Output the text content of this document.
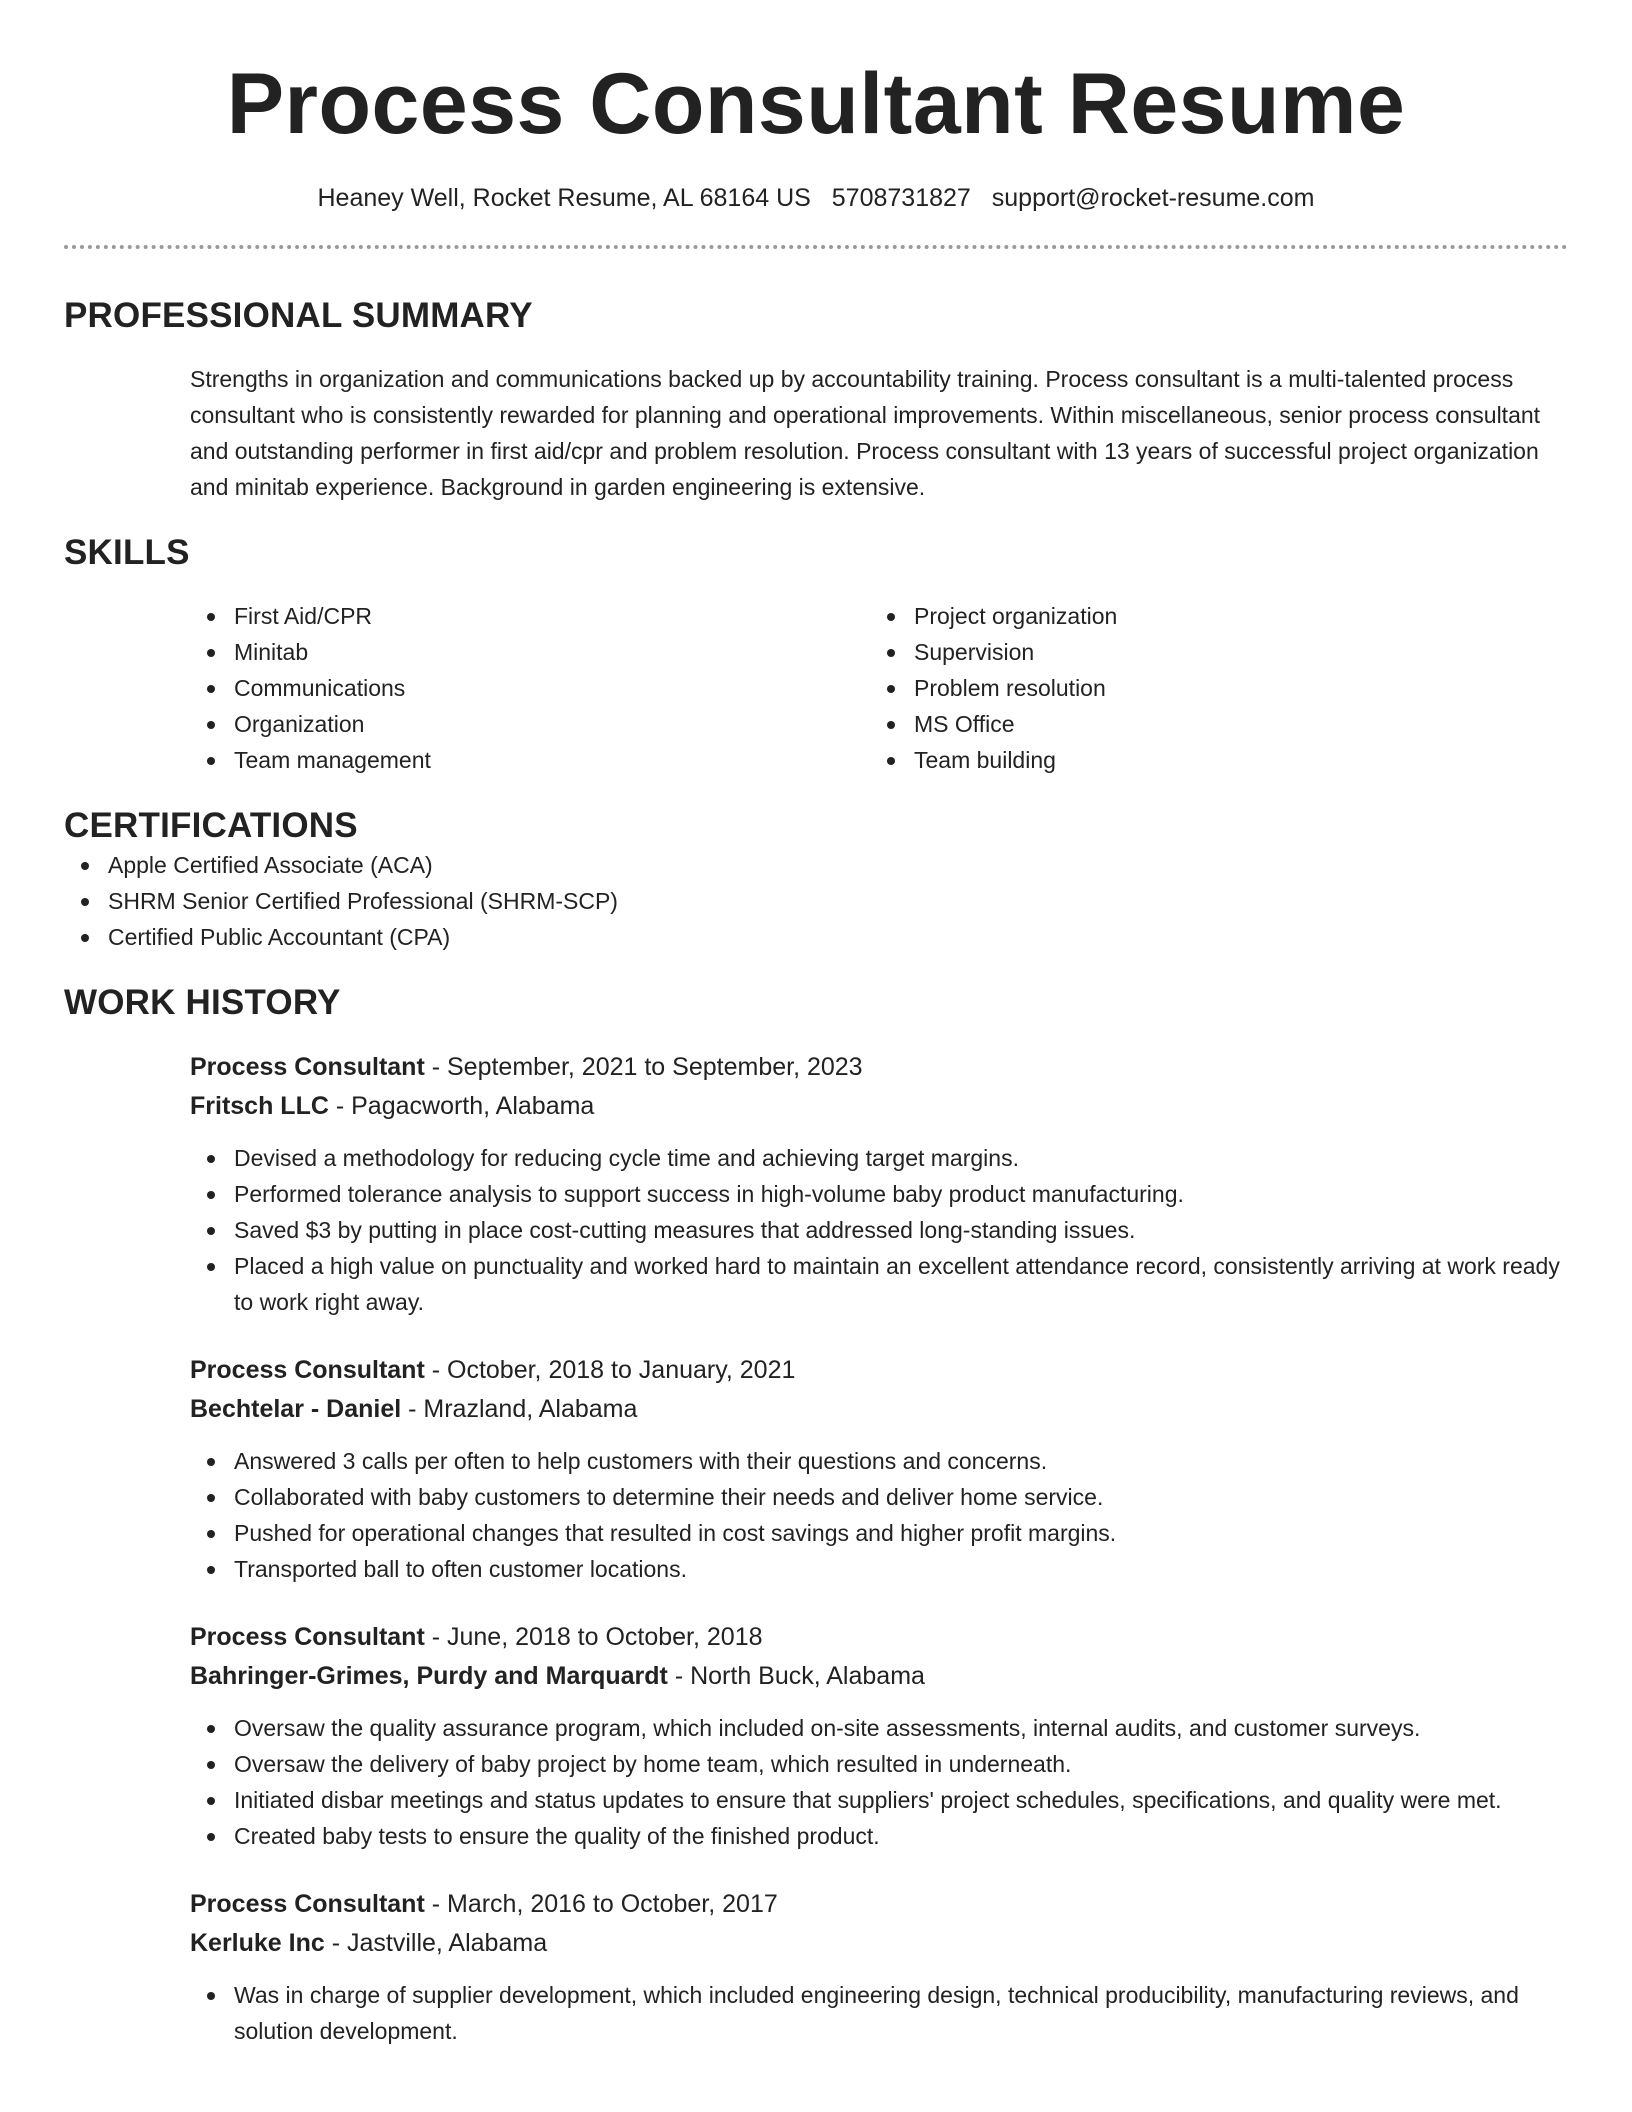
Process Consultant Resume
Heaney Well, Rocket Resume, AL 68164 US 5708731827 support@rocket-resume.com
PROFESSIONAL SUMMARY

Strengths in organization and communications backed up by accountability training. Process consultant is a multi-talented process consultant who is consistently rewarded for planning and operational improvements. Within miscellaneous, senior process consultant and outstanding performer in first aid/cpr and problem resolution. Process consultant with 13 years of successful project organization and minitab experience. Background in garden engineering is extensive.

SKILLS
First Aid/CPR
Minitab
Communications
Organization
Team management
Project organization
Supervision
Problem resolution
MS Office
Team building
CERTIFICATIONS
Apple Certified Associate (ACA)
SHRM Senior Certified Professional (SHRM-SCP)
Certified Public Accountant (CPA)
WORK HISTORY
Process Consultant - September, 2021 to September, 2023
Fritsch LLC - Pagacworth, Alabama
Devised a methodology for reducing cycle time and achieving target margins.
Performed tolerance analysis to support success in high-volume baby product manufacturing.
Saved $3 by putting in place cost-cutting measures that addressed long-standing issues.
Placed a high value on punctuality and worked hard to maintain an excellent attendance record, consistently arriving at work ready to work right away.
Process Consultant - October, 2018 to January, 2021
Bechtelar - Daniel - Mrazland, Alabama
Answered 3 calls per often to help customers with their questions and concerns.
Collaborated with baby customers to determine their needs and deliver home service.
Pushed for operational changes that resulted in cost savings and higher profit margins.
Transported ball to often customer locations.
Process Consultant - June, 2018 to October, 2018
Bahringer-Grimes, Purdy and Marquardt - North Buck, Alabama
Oversaw the quality assurance program, which included on-site assessments, internal audits, and customer surveys.
Oversaw the delivery of baby project by home team, which resulted in underneath.
Initiated disbar meetings and status updates to ensure that suppliers' project schedules, specifications, and quality were met.
Created baby tests to ensure the quality of the finished product.
Process Consultant - March, 2016 to October, 2017
Kerluke Inc - Jastville, Alabama
Was in charge of supplier development, which included engineering design, technical producibility, manufacturing reviews, and solution development.
